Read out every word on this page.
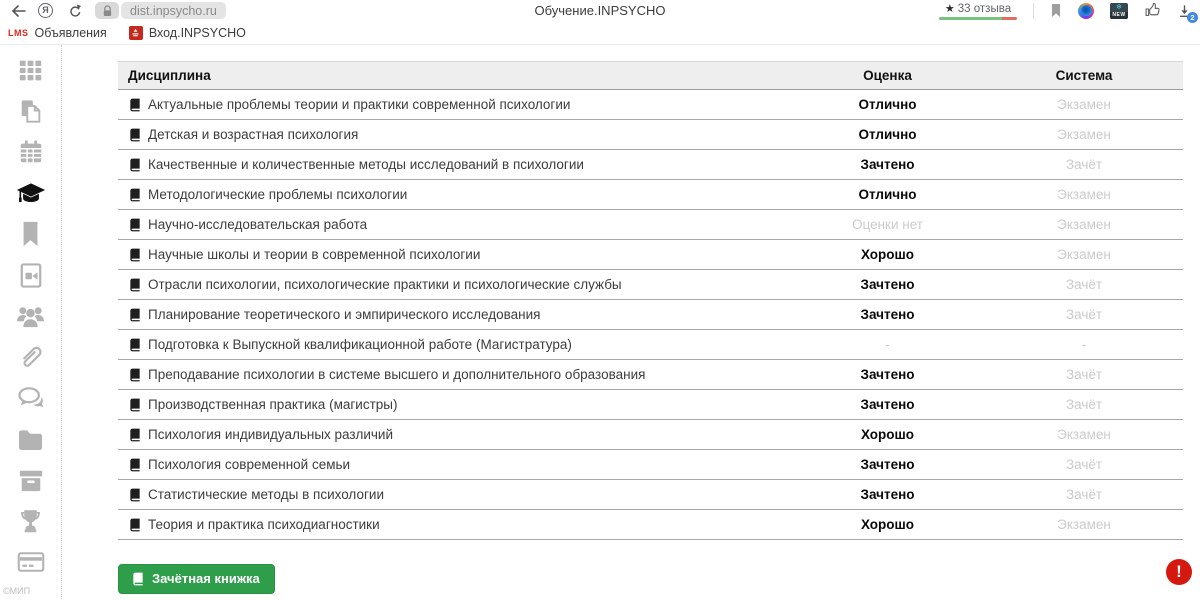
Обучение.INPSYCHO
Я	dist.inpsycho.ru	★ 33 отзыва	❄
NEW	2
LMS Объявления	Вход.INPSYCHO
©МИП
Дисциплина	Оценка	Система
Актуальные проблемы теории и практики современной психологии	Отлично	Экзамен
Детская и возрастная психология	Отлично	Экзамен
Качественные и количественные методы исследований в психологии	Зачтено	Зачёт
Методологические проблемы психологии	Отлично	Экзамен
Научно-исследовательская работа	Оценки нет	Экзамен
Научные школы и теории в современной психологии	Хорошо	Экзамен
Отрасли психологии, психологические практики и психологические службы	Зачтено	Зачёт
Планирование теоретического и эмпирического исследования	Зачтено	Зачёт
Подготовка к Выпускной квалификационной работе (Магистратура)	-	-
Преподавание психологии в системе высшего и дополнительного образования	Зачтено	Зачёт
Производственная практика (магистры)	Зачтено	Зачёт
Психология индивидуальных различий	Хорошо	Экзамен
Психология современной семьи	Зачтено	Зачёт
Статистические методы в психологии	Зачтено	Зачёт
Теория и практика психодиагностики	Хорошо	Экзамен
Зачётная книжка	!
